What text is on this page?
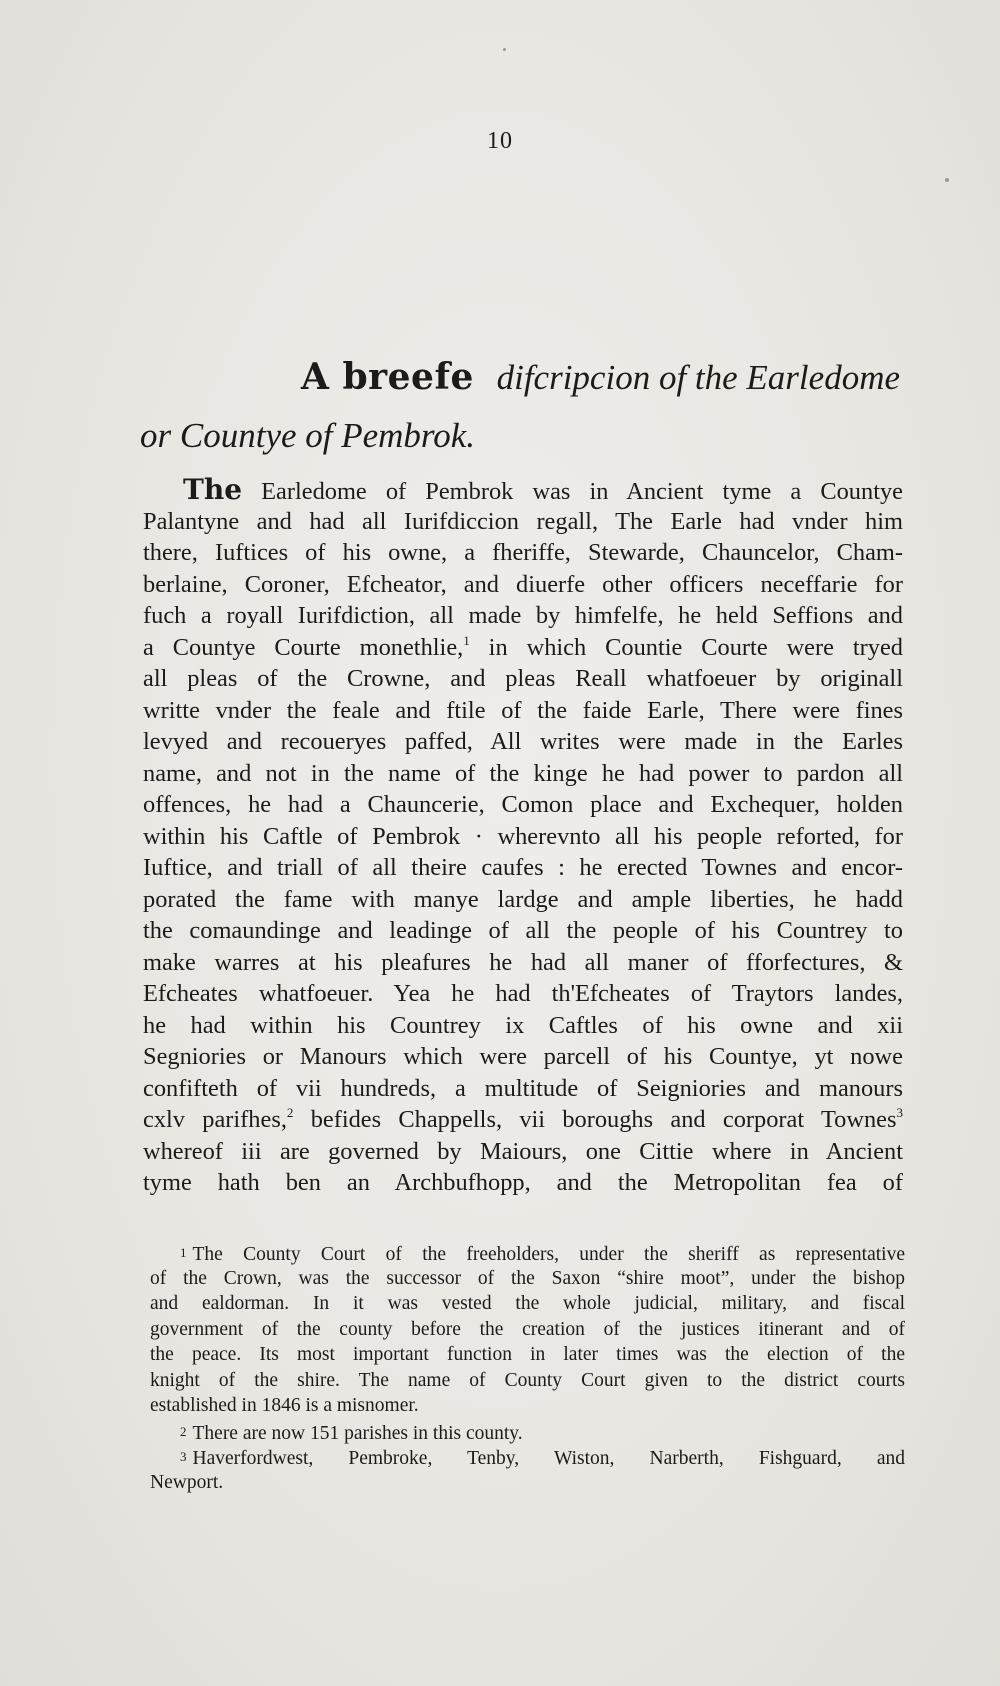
10
A breefe difcripcion of the Earledome
or Countye of Pembrok.
The Earledome of Pembrok was in Ancient tyme a Countye
Palantyne and had all Iurifdiccion regall, The Earle had vnder him
there, Iuftices of his owne, a fheriffe, Stewarde, Chauncelor, Cham-
berlaine, Coroner, Efcheator, and diuerfe other officers neceffarie for
fuch a royall Iurifdiction, all made by himfelfe, he held Seffions and
a Countye Courte monethlie,$^1$ in which Countie Courte were tryed
all pleas of the Crowne, and pleas Reall whatfoeuer by originall
writte vnder the feale and ftile of the faide Earle, There were fines
levyed and recoueryes paffed, All writes were made in the Earles
name, and not in the name of the kinge he had power to pardon all
offences, he had a Chauncerie, Comon place and Exchequer, holden
within his Caftle of Pembrok · wherevnto all his people reforted, for
Iuftice, and triall of all theire caufes : he erected Townes and encor-
porated the fame with manye lardge and ample liberties, he hadd
the comaundinge and leadinge of all the people of his Countrey to
make warres at his pleafures he had all maner of fforfectures, &
Efcheates whatfoeuer. Yea he had th'Efcheates of Traytors landes,
he had within his Countrey ix Caftles of his owne and xii
Segniories or Manours which were parcell of his Countye, yt nowe
confifteth of vii hundreds, a multitude of Seigniories and manours
cxlv parifhes,$^2$ befides Chappells, vii boroughs and corporat Townes$^3$
whereof iii are governed by Maiours, one Cittie where in Ancient
tyme hath ben an Archbufhopp, and the Metropolitan fea of
1 The County Court of the freeholders, under the sheriff as representative
of the Crown, was the successor of the Saxon “shire moot”, under the bishop
and ealdorman. In it was vested the whole judicial, military, and fiscal
government of the county before the creation of the justices itinerant and of
the peace. Its most important function in later times was the election of the
knight of the shire. The name of County Court given to the district courts
established in 1846 is a misnomer.
2 There are now 151 parishes in this county.
3 Haverfordwest, Pembroke, Tenby, Wiston, Narberth, Fishguard, and
Newport.
